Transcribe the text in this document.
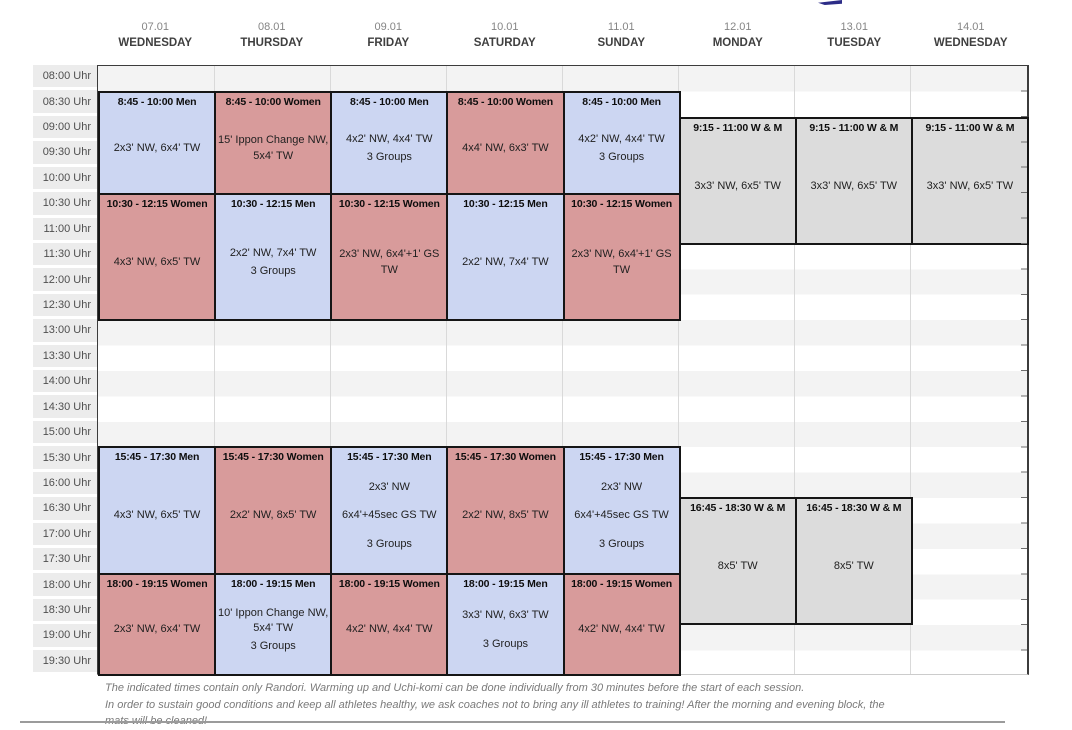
07.01
WEDNESDAY
08.01
THURSDAY
09.01
FRIDAY
10.01
SATURDAY
11.01
SUNDAY
12.01
MONDAY
13.01
TUESDAY
14.01
WEDNESDAY
08:00 Uhr
08:30 Uhr
09:00 Uhr
09:30 Uhr
10:00 Uhr
10:30 Uhr
11:00 Uhr
11:30 Uhr
12:00 Uhr
12:30 Uhr
13:00 Uhr
13:30 Uhr
14:00 Uhr
14:30 Uhr
15:00 Uhr
15:30 Uhr
16:00 Uhr
16:30 Uhr
17:00 Uhr
17:30 Uhr
18:00 Uhr
18:30 Uhr
19:00 Uhr
19:30 Uhr
8:45 - 10:00 Men
2x3' NW, 6x4' TW
8:45 - 10:00 Women
15' Ippon Change NW, 5x4' TW
8:45 - 10:00 Men
4x2' NW, 4x4' TW
3 Groups
8:45 - 10:00 Women
4x4' NW, 6x3' TW
8:45 - 10:00 Men
4x2' NW, 4x4' TW
3 Groups
10:30 - 12:15 Women
4x3' NW, 6x5' TW
10:30 - 12:15 Men
2x2' NW, 7x4' TW
3 Groups
10:30 - 12:15 Women
2x3' NW, 6x4'+1' GS TW
10:30 - 12:15 Men
2x2' NW, 7x4' TW
10:30 - 12:15 Women
2x3' NW, 6x4'+1' GS TW
9:15 - 11:00 W & M
3x3' NW, 6x5' TW
9:15 - 11:00 W & M
3x3' NW, 6x5' TW
9:15 - 11:00 W & M
3x3' NW, 6x5' TW
15:45 - 17:30 Men
4x3' NW, 6x5' TW
15:45 - 17:30 Women
2x2' NW, 8x5' TW
15:45 - 17:30 Men
2x3' NW
6x4'+45sec GS TW
3 Groups
15:45 - 17:30 Women
2x2' NW, 8x5' TW
15:45 - 17:30 Men
2x3' NW
6x4'+45sec GS TW
3 Groups
16:45 - 18:30 W & M
8x5' TW
16:45 - 18:30 W & M
8x5' TW
18:00 - 19:15 Women
2x3' NW, 6x4' TW
18:00 - 19:15 Men
10' Ippon Change NW, 5x4' TW
3 Groups
18:00 - 19:15 Women
4x2' NW, 4x4' TW
18:00 - 19:15 Men
3x3' NW, 6x3' TW
3 Groups
18:00 - 19:15 Women
4x2' NW, 4x4' TW
The indicated times contain only Randori. Warming up and Uchi-komi can be done individually from 30 minutes before the start of each session.
In order to sustain good conditions and keep all athletes healthy, we ask coaches not to bring any ill athletes to training! After the morning and evening block, the
